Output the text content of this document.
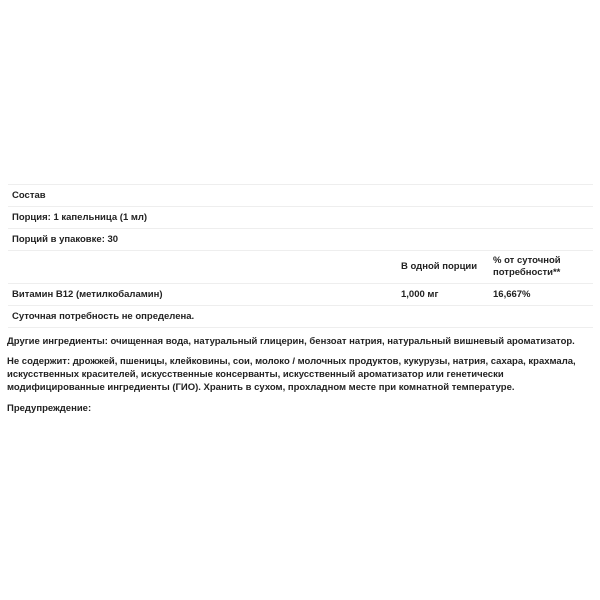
Состав		
Порция: 1 капельница (1 мл)		
Порций в упаковке: 30		
	В одной порции	% от суточной потребности**
Витамин B12 (метилкобаламин)	1,000 мг	16,667%
Суточная потребность не определена.		

Другие ингредиенты: очищенная вода, натуральный глицерин, бензоат натрия, натуральный вишневый ароматизатор.

Не содержит: дрожжей, пшеницы, клейковины, сои, молоко / молочных продуктов, кукурузы, натрия, сахара, крахмала, искусственных красителей, искусственные консерванты, искусственный ароматизатор или генетически модифицированные ингредиенты (ГИО). Хранить в сухом, прохладном месте при комнатной температуре.

Предупреждение:
